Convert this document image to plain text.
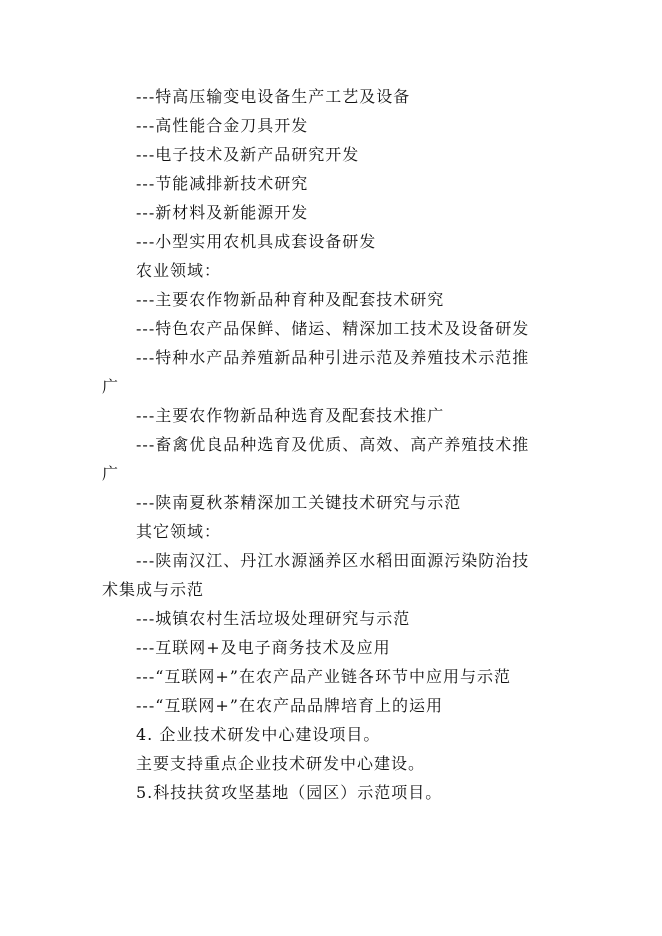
---特高压输变电设备生产工艺及设备
---高性能合金刀具开发
---电子技术及新产品研究开发
---节能减排新技术研究
---新材料及新能源开发
---小型实用农机具成套设备研发
农业领域：
---主要农作物新品种育种及配套技术研究
---特色农产品保鲜、储运、精深加工技术及设备研发
---特种水产品养殖新品种引进示范及养殖技术示范推
广
---主要农作物新品种选育及配套技术推广
---畜禽优良品种选育及优质、高效、高产养殖技术推
广
---陕南夏秋茶精深加工关键技术研究与示范
其它领域：
---陕南汉江、丹江水源涵养区水稻田面源污染防治技
术集成与示范
---城镇农村生活垃圾处理研究与示范
---互联网+及电子商务技术及应用
---“互联网+”在农产品产业链各环节中应用与示范
---“互联网+”在农产品品牌培育上的运用
4. 企业技术研发中心建设项目。
主要支持重点企业技术研发中心建设。
5.科技扶贫攻坚基地（园区）示范项目。
